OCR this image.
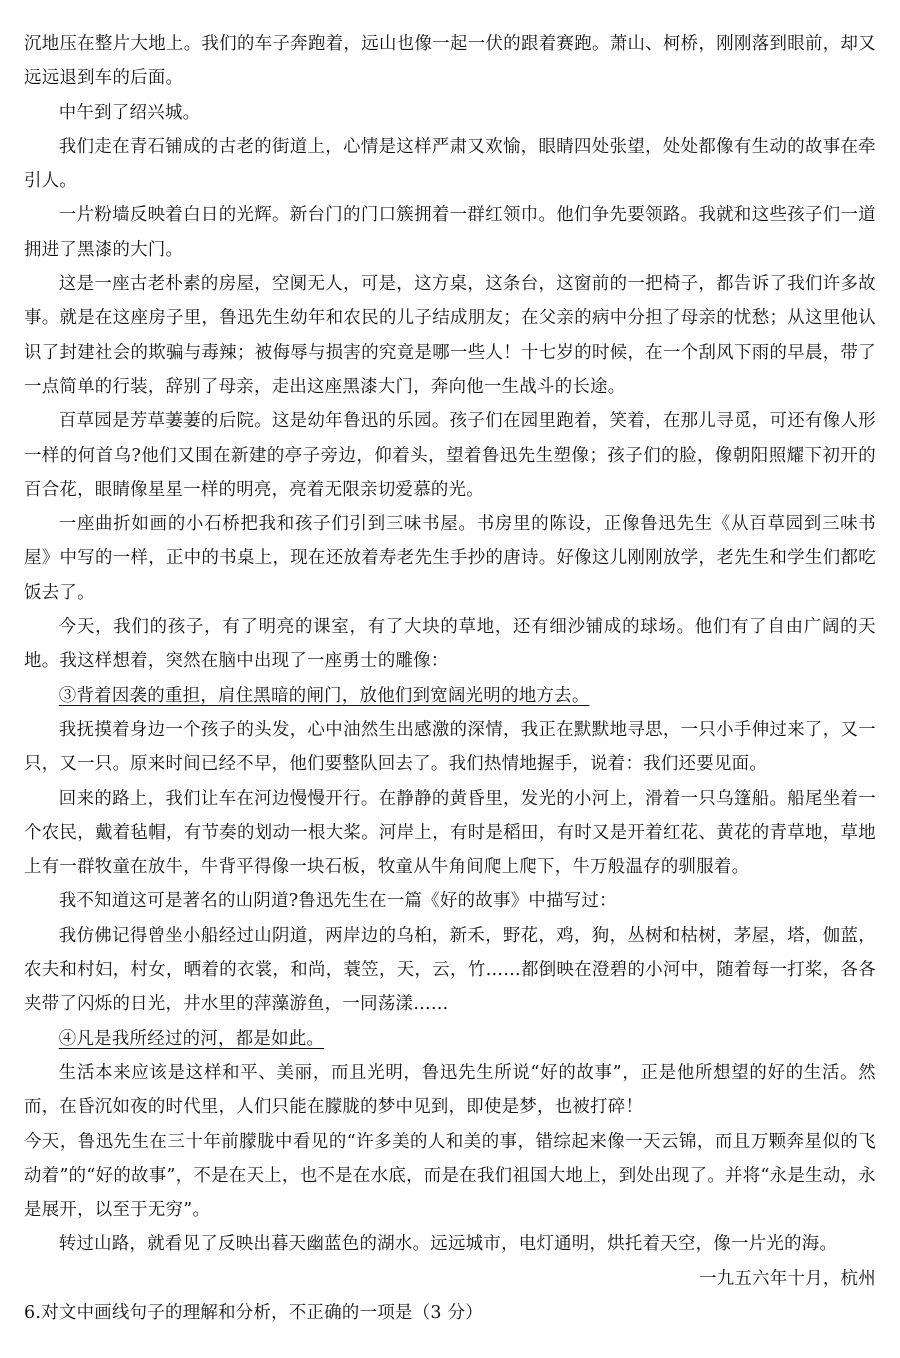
沉地压在整片大地上。我们的车子奔跑着，远山也像一起一伏的跟着赛跑。萧山、柯桥，刚刚落到眼前，却又远远退到车的后面。

中午到了绍兴城。

我们走在青石铺成的古老的街道上，心情是这样严肃又欢愉，眼睛四处张望，处处都像有生动的故事在牵引人。

一片粉墙反映着白日的光辉。新台门的门口簇拥着一群红领巾。他们争先要领路。我就和这些孩子们一道拥进了黑漆的大门。

这是一座古老朴素的房屋，空阒无人，可是，这方桌，这条台，这窗前的一把椅子，都告诉了我们许多故事。就是在这座房子里，鲁迅先生幼年和农民的儿子结成朋友；在父亲的病中分担了母亲的忧愁；从这里他认识了封建社会的欺骗与毒辣；被侮辱与损害的究竟是哪一些人！十七岁的时候，在一个刮风下雨的早晨，带了一点简单的行装，辞别了母亲，走出这座黑漆大门，奔向他一生战斗的长途。

百草园是芳草萋萋的后院。这是幼年鲁迅的乐园。孩子们在园里跑着，笑着，在那儿寻觅，可还有像人形一样的何首乌?他们又围在新建的亭子旁边，仰着头，望着鲁迅先生塑像；孩子们的脸，像朝阳照耀下初开的百合花，眼睛像星星一样的明亮，亮着无限亲切爱慕的光。

一座曲折如画的小石桥把我和孩子们引到三味书屋。书房里的陈设，正像鲁迅先生《从百草园到三味书屋》中写的一样，正中的书桌上，现在还放着寿老先生手抄的唐诗。好像这儿刚刚放学，老先生和学生们都吃饭去了。

今天，我们的孩子，有了明亮的课室，有了大块的草地，还有细沙铺成的球场。他们有了自由广阔的天地。我这样想着，突然在脑中出现了一座勇士的雕像：

③背着因袭的重担，肩住黑暗的闸门，放他们到宽阔光明的地方去。

我抚摸着身边一个孩子的头发，心中油然生出感激的深情，我正在默默地寻思，一只小手伸过来了，又一只，又一只。原来时间已经不早，他们要整队回去了。我们热情地握手，说着：我们还要见面。

回来的路上，我们让车在河边慢慢开行。在静静的黄昏里，发光的小河上，滑着一只乌篷船。船尾坐着一个农民，戴着毡帽，有节奏的划动一根大桨。河岸上，有时是稻田，有时又是开着红花、黄花的青草地，草地上有一群牧童在放牛，牛背平得像一块石板，牧童从牛角间爬上爬下，牛万般温存的驯服着。

我不知道这可是著名的山阴道?鲁迅先生在一篇《好的故事》中描写过：

我仿佛记得曾坐小船经过山阴道，两岸边的乌桕，新禾，野花，鸡，狗，丛树和枯树，茅屋，塔，伽蓝，农夫和村妇，村女，晒着的衣裳，和尚，蓑笠，天，云，竹……都倒映在澄碧的小河中，随着每一打桨，各各夹带了闪烁的日光，井水里的萍藻游鱼，一同荡漾……

④凡是我所经过的河，都是如此。

生活本来应该是这样和平、美丽，而且光明，鲁迅先生所说“好的故事”，正是他所想望的好的生活。然而，在昏沉如夜的时代里，人们只能在朦胧的梦中见到，即使是梦，也被打碎！

今天，鲁迅先生在三十年前朦胧中看见的“许多美的人和美的事，错综起来像一天云锦，而且万颗奔星似的飞动着”的“好的故事”，不是在天上，也不是在水底，而是在我们祖国大地上，到处出现了。并将“永是生动，永是展开，以至于无穷”。

转过山路，就看见了反映出暮天幽蓝色的湖水。远远城市，电灯通明，烘托着天空，像一片光的海。

一九五六年十月，杭州

6.对文中画线句子的理解和分析，不正确的一项是（3 分）
